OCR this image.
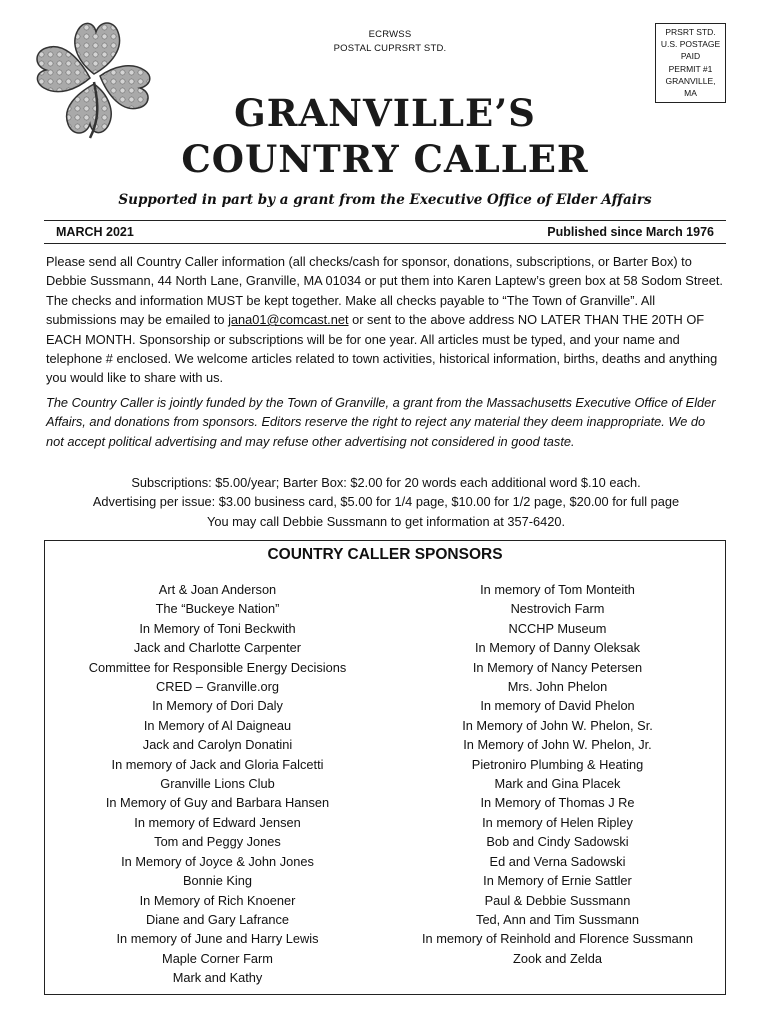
ECRWSS
POSTAL CUPRSRT STD.
PRSRT STD.
U.S. POSTAGE
PAID
PERMIT #1
GRANVILLE,
MA
GRANVILLE’S
COUNTRY CALLER
Supported in part by a grant from the Executive Office of Elder Affairs
MARCH 2021	Published since March 1976
Please send all Country Caller information (all checks/cash for sponsor, donations, subscriptions, or Barter Box) to Debbie Sussmann, 44 North Lane, Granville, MA 01034 or put them into Karen Laptew’s green box at 58 Sodom Street. The checks and information MUST be kept together. Make all checks payable to “The Town of Granville”. All submissions may be emailed to jana01@comcast.net or sent to the above address NO LATER THAN THE 20TH OF EACH MONTH. Sponsorship or subscriptions will be for one year. All articles must be typed, and your name and telephone # enclosed. We welcome articles related to town activities, historical information, births, deaths and anything you would like to share with us.
The Country Caller is jointly funded by the Town of Granville, a grant from the Massachusetts Executive Office of Elder Affairs, and donations from sponsors. Editors reserve the right to reject any material they deem inappropriate. We do not accept political advertising and may refuse other advertising not considered in good taste.
Subscriptions: $5.00/year; Barter Box: $2.00 for 20 words each additional word $.10 each.
Advertising per issue: $3.00 business card, $5.00 for 1/4 page, $10.00 for 1/2 page, $20.00 for full page
You may call Debbie Sussmann to get information at 357-6420.
COUNTRY CALLER SPONSORS
Art & Joan Anderson
The “Buckeye Nation”
In Memory of Toni Beckwith
Jack and Charlotte Carpenter
Committee for Responsible Energy Decisions
CRED – Granville.org
In Memory of Dori Daly
In Memory of Al Daigneau
Jack and Carolyn Donatini
In memory of Jack and Gloria Falcetti
Granville Lions Club
In Memory of Guy and Barbara Hansen
In memory of Edward Jensen
Tom and Peggy Jones
In Memory of Joyce & John Jones
Bonnie King
In Memory of Rich Knoener
Diane and Gary Lafrance
In memory of June and Harry Lewis
Maple Corner Farm
Mark and Kathy
In memory of Tom Monteith
Nestrovich Farm
NCCHP Museum
In Memory of Danny Oleksak
In Memory of Nancy Petersen
Mrs. John Phelon
In memory of David Phelon
In Memory of John W. Phelon, Sr.
In Memory of John W. Phelon, Jr.
Pietroniro Plumbing & Heating
Mark and Gina Placek
In Memory of Thomas J Re
In memory of Helen Ripley
Bob and Cindy Sadowski
Ed and Verna Sadowski
In Memory of Ernie Sattler
Paul & Debbie Sussmann
Ted, Ann and Tim Sussmann
In memory of Reinhold and Florence Sussmann
Zook and Zelda
